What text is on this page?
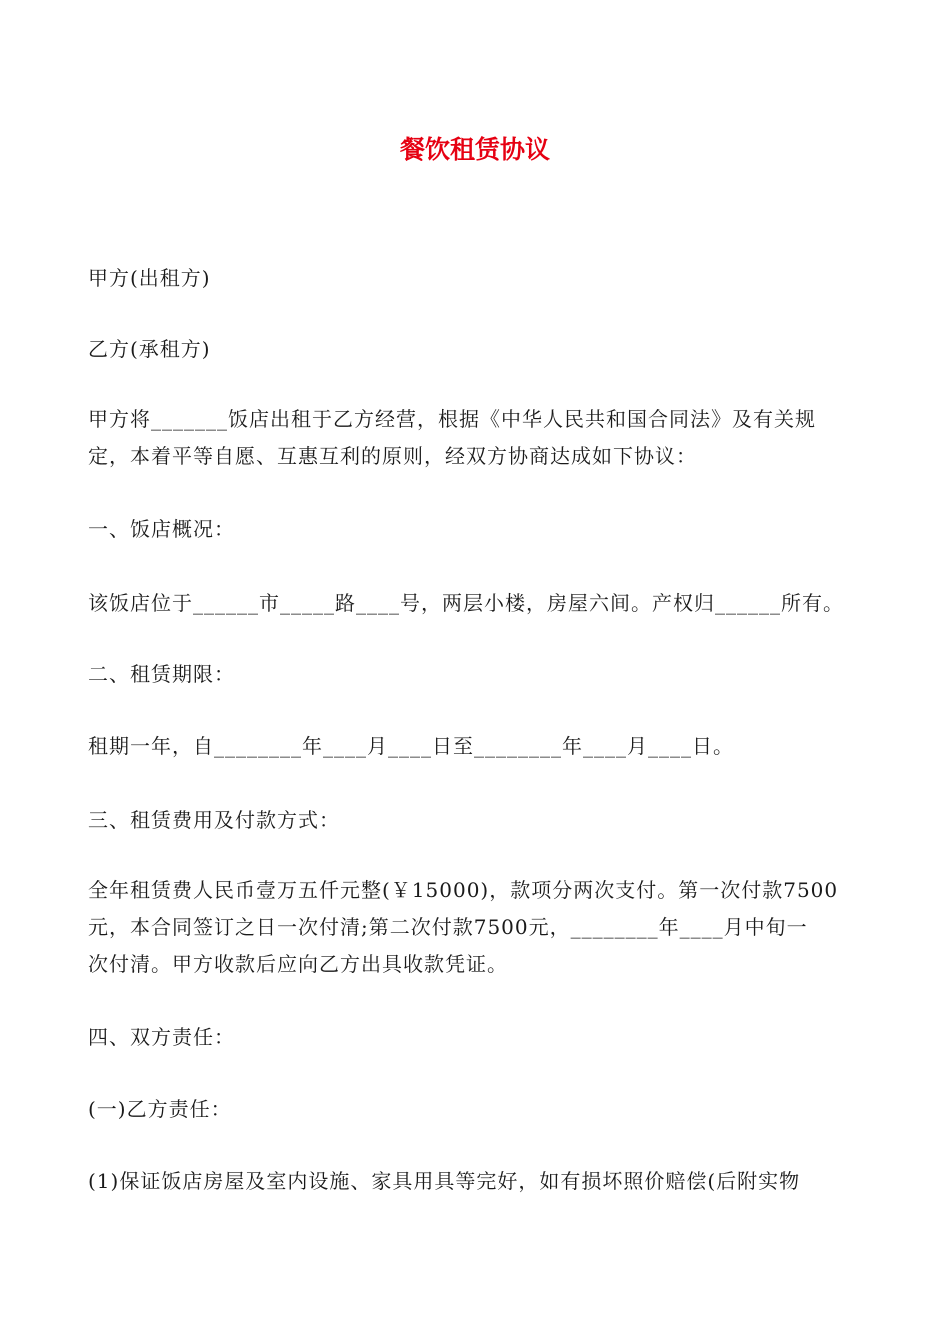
餐饮租赁协议
甲方(出租方)
乙方(承租方)
甲方将_______饭店出租于乙方经营，根据《中华人民共和国合同法》及有关规
定，本着平等自愿、互惠互利的原则，经双方协商达成如下协议：
一、饭店概况：
该饭店位于______市_____路____号，两层小楼，房屋六间。产权归______所有。
二、租赁期限：
租期一年，自________年____月____日至________年____月____日。
三、租赁费用及付款方式：
全年租赁费人民币壹万五仟元整(￥15000)，款项分两次支付。第一次付款7500
元，本合同签订之日一次付清;第二次付款7500元，________年____月中旬一
次付清。甲方收款后应向乙方出具收款凭证。
四、双方责任：
(一)乙方责任：
(1)保证饭店房屋及室内设施、家具用具等完好，如有损坏照价赔偿(后附实物
